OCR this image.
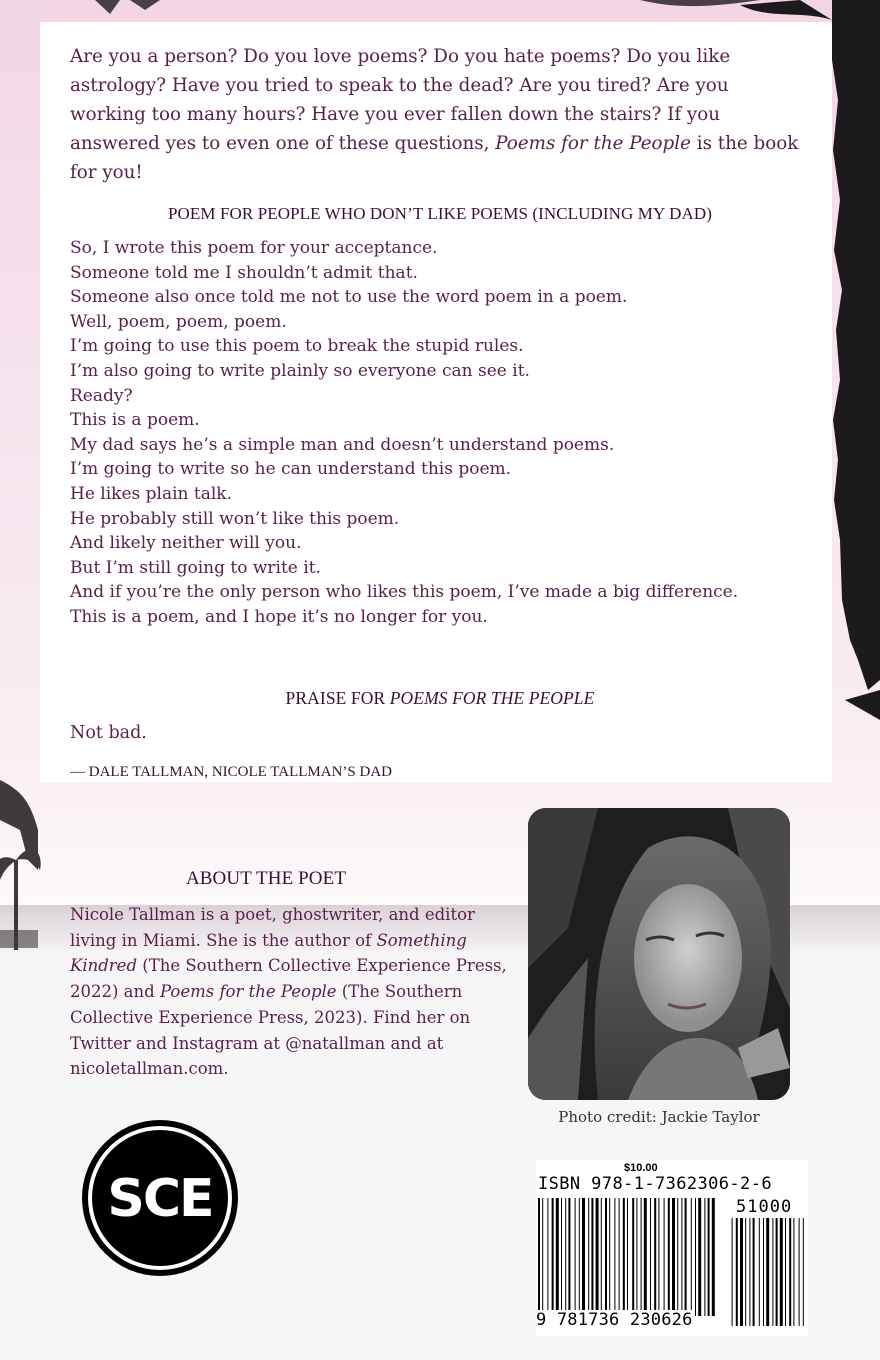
Are you a person? Do you love poems? Do you hate poems? Do you like astrology? Have you tried to speak to the dead? Are you tired? Are you working too many hours? Have you ever fallen down the stairs? If you answered yes to even one of these questions, Poems for the People is the book for you!
POEM FOR PEOPLE WHO DON’T LIKE POEMS (INCLUDING MY DAD)
So, I wrote this poem for your acceptance.
Someone told me I shouldn’t admit that.
Someone also once told me not to use the word poem in a poem.
Well, poem, poem, poem.
I’m going to use this poem to break the stupid rules.
I’m also going to write plainly so everyone can see it.
Ready?
This is a poem.
My dad says he’s a simple man and doesn’t understand poems.
I’m going to write so he can understand this poem.
He likes plain talk.
He probably still won’t like this poem.
And likely neither will you.
But I’m still going to write it.
And if you’re the only person who likes this poem, I’ve made a big difference.
This is a poem, and I hope it’s no longer for you.
PRAISE FOR POEMS FOR THE PEOPLE
Not bad.
— DALE TALLMAN, NICOLE TALLMAN’S DAD
ABOUT THE POET
Nicole Tallman is a poet, ghostwriter, and editor living in Miami. She is the author of Something Kindred (The Southern Collective Experience Press, 2022) and Poems for the People (The Southern Collective Experience Press, 2023). Find her on Twitter and Instagram at @natallman and at nicoletallman.com.
Photo credit: Jackie Taylor
SCE
$10.00
ISBN 978-1-7362306-2-6
51000
9 781736 230626
